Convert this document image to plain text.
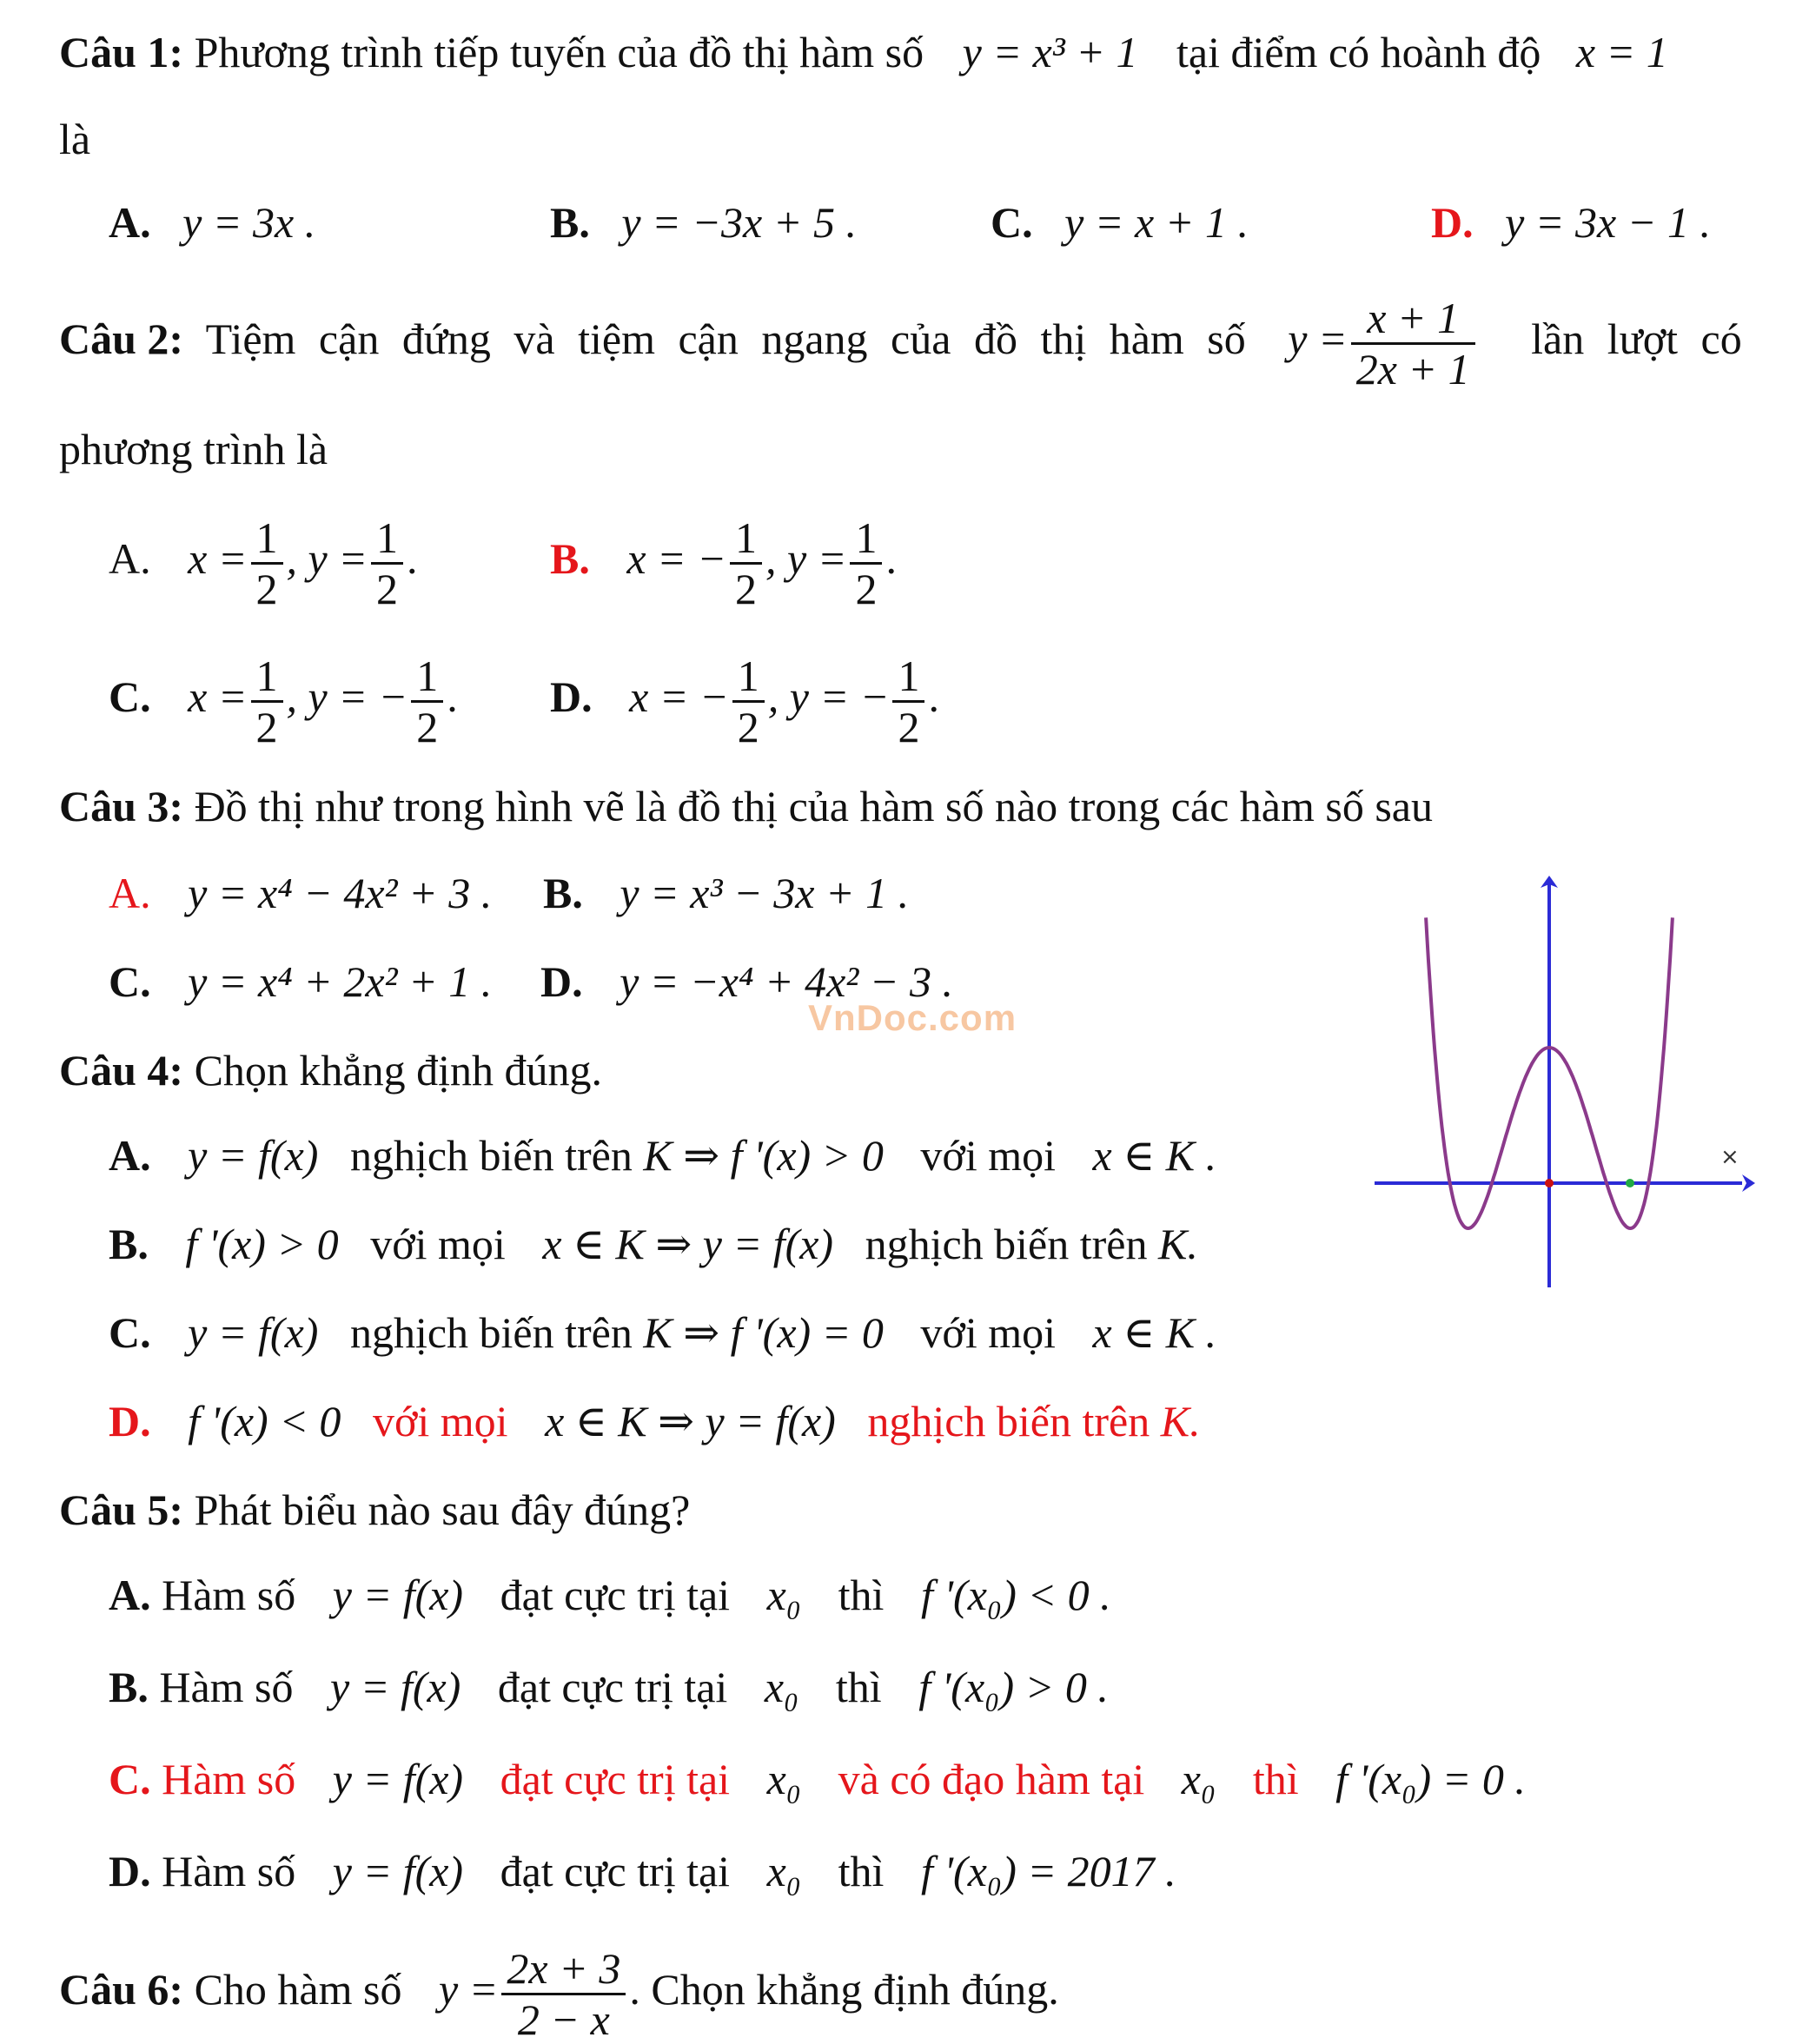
Câu 1: Phương trình tiếp tuyến của đồ thị hàm số y = x³ + 1 tại điểm có hoành độ x = 1
là
A. y = 3x .	B. y = −3x + 5 .	C. y = x + 1 .	D. y = 3x − 1 .
Câu 2: Tiệm cận đứng và tiệm cận ngang của đồ thị hàm số $y = \frac{x + 1}{2x + 1}$ lần lượt có
phương trình là
A. $x = \frac{1}{2}$ , $y = \frac{1}{2}$ .	B. x = − $\frac{1}{2}$ , $y = \frac{1}{2}$ .
C. $x = \frac{1}{2}$ , y = − $\frac{1}{2}$ . D. x = − $\frac{1}{2}$ , y = − $\frac{1}{2}$ .
Câu 3: Đồ thị như trong hình vẽ là đồ thị của hàm số nào trong các hàm số sau
A. y = x⁴ − 4x² + 3 . B. y = x³ − 3x + 1 .
C. y = x⁴ + 2x² + 1 . D. y = −x⁴ + 4x² − 3 .
VnDoc.com
×
Câu 4: Chọn khẳng định đúng.
A. y = f(x) nghịch biến trên K ⇒ f '(x) > 0 với mọi x ∈ K .
B. f '(x) > 0 với mọi x ∈ K ⇒ y = f(x) nghịch biến trên K.
C. y = f(x) nghịch biến trên K ⇒ f '(x) = 0 với mọi x ∈ K .
D. f '(x) < 0 với mọi x ∈ K ⇒ y = f(x) nghịch biến trên K.
Câu 5: Phát biểu nào sau đây đúng?
A. Hàm số y = f(x) đạt cực trị tại x₀ thì f '(x₀) < 0 .
B. Hàm số y = f(x) đạt cực trị tại x₀ thì f '(x₀) > 0 .
C. Hàm số y = f(x) đạt cực trị tại x₀ và có đạo hàm tại x₀ thì f '(x₀) = 0 .
D. Hàm số y = f(x) đạt cực trị tại x₀ thì f '(x₀) = 2017 .
Câu 6: Cho hàm số $y = \frac{2x + 3}{2 - x}$ . Chọn khẳng định đúng.
